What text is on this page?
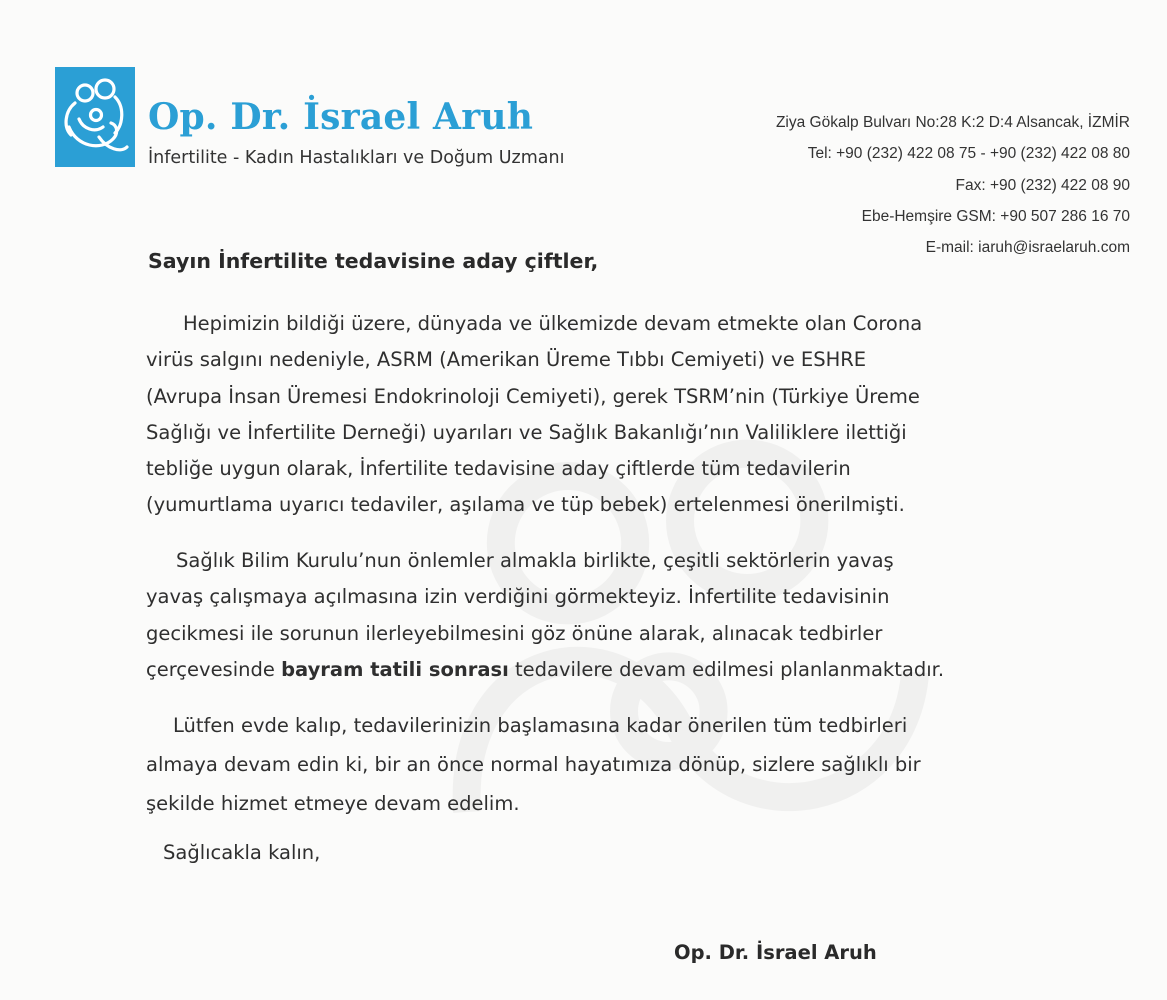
Op. Dr. İsrael Aruh
İnfertilite - Kadın Hastalıkları ve Doğum Uzmanı
Ziya Gökalp Bulvarı No:28 K:2 D:4 Alsancak, İZMİR
Tel: +90 (232) 422 08 75 - +90 (232) 422 08 80
Fax: +90 (232) 422 08 90
Ebe-Hemşire GSM: +90 507 286 16 70
E-mail: iaruh@israelaruh.com
Sayın İnfertilite tedavisine aday çiftler,
Hepimizin bildiği üzere, dünyada ve ülkemizde devam etmekte olan Corona
virüs salgını nedeniyle, ASRM (Amerikan Üreme Tıbbı Cemiyeti) ve ESHRE
(Avrupa İnsan Üremesi Endokrinoloji Cemiyeti), gerek TSRM’nin (Türkiye Üreme
Sağlığı ve İnfertilite Derneği) uyarıları ve Sağlık Bakanlığı’nın Valiliklere ilettiği
tebliğe uygun olarak, İnfertilite tedavisine aday çiftlerde tüm tedavilerin
(yumurtlama uyarıcı tedaviler, aşılama ve tüp bebek) ertelenmesi önerilmişti.
Sağlık Bilim Kurulu’nun önlemler almakla birlikte, çeşitli sektörlerin yavaş
yavaş çalışmaya açılmasına izin verdiğini görmekteyiz. İnfertilite tedavisinin
gecikmesi ile sorunun ilerleyebilmesini göz önüne alarak, alınacak tedbirler
çerçevesinde bayram tatili sonrası tedavilere devam edilmesi planlanmaktadır.
Lütfen evde kalıp, tedavilerinizin başlamasına kadar önerilen tüm tedbirleri
almaya devam edin ki, bir an önce normal hayatımıza dönüp, sizlere sağlıklı bir
şekilde hizmet etmeye devam edelim.
Sağlıcakla kalın,
Op. Dr. İsrael Aruh
